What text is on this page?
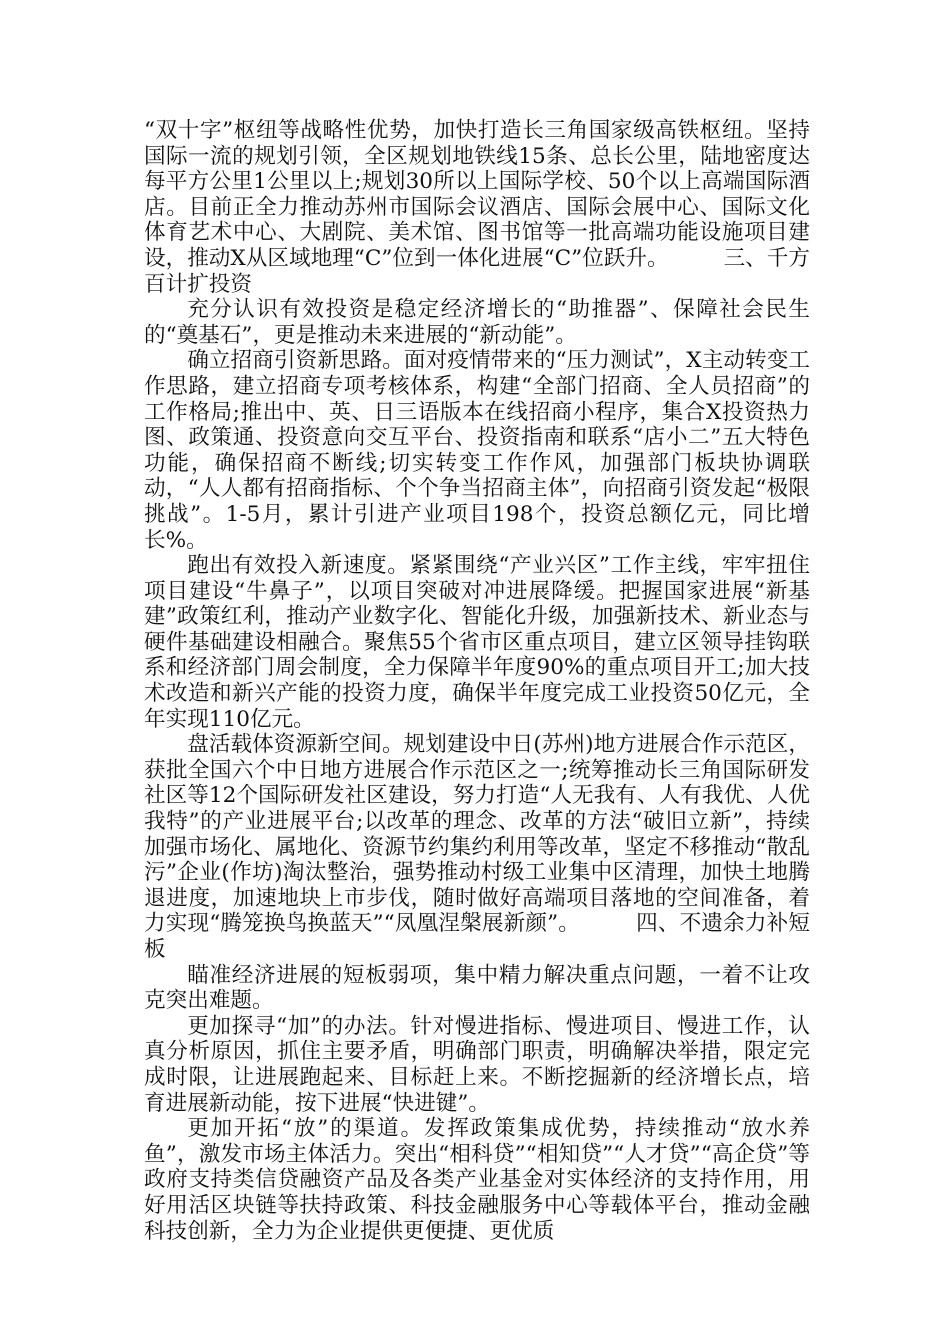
“双十字”枢纽等战略性优势，加快打造长三角国家级高铁枢纽。坚持国际一流的规划引领，全区规划地铁线15条、总长公里，陆地密度达每平方公里1公里以上;规划30所以上国际学校、50个以上高端国际酒店。目前正全力推动苏州市国际会议酒店、国际会展中心、国际文化体育艺术中心、大剧院、美术馆、图书馆等一批高端功能设施项目建设，推动X从区域地理“C”位到一体化进展“C”位跃升。	三、千方百计扩投资

充分认识有效投资是稳定经济增长的“助推器”、保障社会民生的“奠基石”，更是推动未来进展的“新动能”。

确立招商引资新思路。面对疫情带来的“压力测试”，X主动转变工作思路，建立招商专项考核体系，构建“全部门招商、全人员招商”的工作格局;推出中、英、日三语版本在线招商小程序，集合X投资热力图、政策通、投资意向交互平台、投资指南和联系“店小二”五大特色功能，确保招商不断线;切实转变工作作风，加强部门板块协调联动，“人人都有招商指标、个个争当招商主体”，向招商引资发起“极限挑战”。1-5月，累计引进产业项目198个，投资总额亿元，同比增长%。

跑出有效投入新速度。紧紧围绕“产业兴区”工作主线，牢牢扭住项目建设“牛鼻子”，以项目突破对冲进展降缓。把握国家进展“新基建”政策红利，推动产业数字化、智能化升级，加强新技术、新业态与硬件基础建设相融合。聚焦55个省市区重点项目，建立区领导挂钩联系和经济部门周会制度，全力保障半年度90%的重点项目开工;加大技术改造和新兴产能的投资力度，确保半年度完成工业投资50亿元，全年实现110亿元。

盘活载体资源新空间。规划建设中日(苏州)地方进展合作示范区，获批全国六个中日地方进展合作示范区之一;统筹推动长三角国际研发社区等12个国际研发社区建设，努力打造“人无我有、人有我优、人优我特”的产业进展平台;以改革的理念、改革的方法“破旧立新”，持续加强市场化、属地化、资源节约集约利用等改革，坚定不移推动“散乱污”企业(作坊)淘汰整治，强势推动村级工业集中区清理，加快土地腾退进度，加速地块上市步伐，随时做好高端项目落地的空间准备，着力实现“腾笼换鸟换蓝天”“凤凰涅槃展新颜”。	四、不遗余力补短板

瞄准经济进展的短板弱项，集中精力解决重点问题，一着不让攻克突出难题。

更加探寻“加”的办法。针对慢进指标、慢进项目、慢进工作，认真分析原因，抓住主要矛盾，明确部门职责，明确解决举措，限定完成时限，让进展跑起来、目标赶上来。不断挖掘新的经济增长点，培育进展新动能，按下进展“快进键”。

更加开拓“放”的渠道。发挥政策集成优势，持续推动“放水养鱼”，激发市场主体活力。突出“相科贷”“相知贷”“人才贷”“高企贷”等政府支持类信贷融资产品及各类产业基金对实体经济的支持作用，用好用活区块链等扶持政策、科技金融服务中心等载体平台，推动金融科技创新，全力为企业提供更便捷、更优质
